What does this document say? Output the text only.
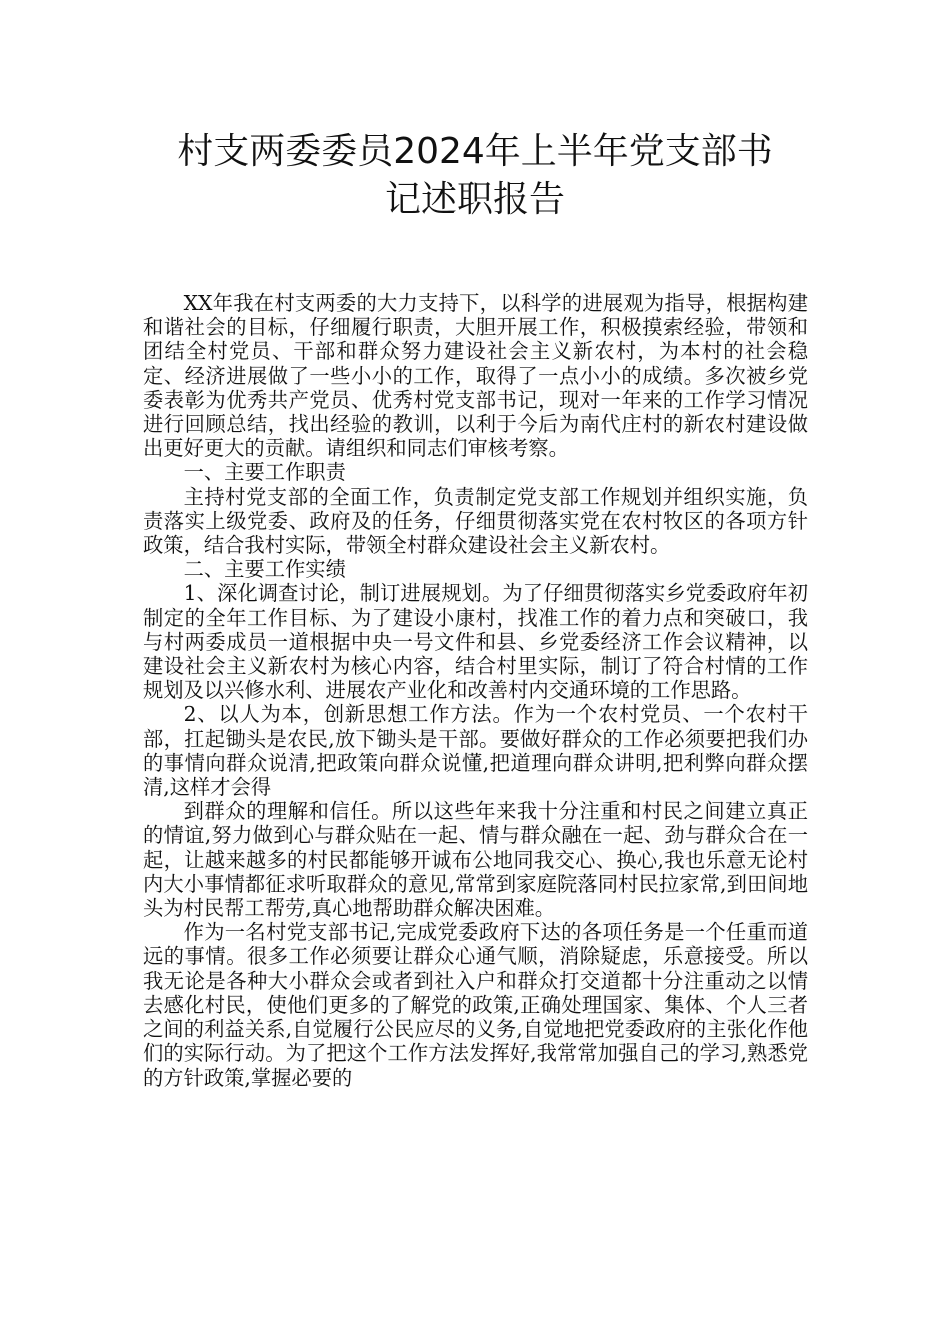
村支两委委员2024年上半年党支部书
记述职报告

XX年我在村支两委的大力支持下，以科学的进展观为指导，根据构建和谐社会的目标，仔细履行职责，大胆开展工作，积极摸索经验，带领和团结全村党员、干部和群众努力建设社会主义新农村，为本村的社会稳定、经济进展做了一些小小的工作，取得了一点小小的成绩。多次被乡党委表彰为优秀共产党员、优秀村党支部书记，现对一年来的工作学习情况进行回顾总结，找出经验的教训，以利于今后为南代庄村的新农村建设做出更好更大的贡献。请组织和同志们审核考察。

一、主要工作职责

主持村党支部的全面工作，负责制定党支部工作规划并组织实施，负责落实上级党委、政府及的任务，仔细贯彻落实党在农村牧区的各项方针政策，结合我村实际，带领全村群众建设社会主义新农村。

二、主要工作实绩

1、深化调查讨论，制订进展规划。为了仔细贯彻落实乡党委政府年初制定的全年工作目标、为了建设小康村，找准工作的着力点和突破口，我与村两委成员一道根据中央一号文件和县、乡党委经济工作会议精神，以建设社会主义新农村为核心内容，结合村里实际，制订了符合村情的工作规划及以兴修水利、进展农产业化和改善村内交通环境的工作思路。

2、以人为本，创新思想工作方法。作为一个农村党员、一个农村干部，扛起锄头是农民,放下锄头是干部。要做好群众的工作必须要把我们办的事情向群众说清,把政策向群众说懂,把道理向群众讲明,把利弊向群众摆清,这样才会得

到群众的理解和信任。所以这些年来我十分注重和村民之间建立真正的情谊,努力做到心与群众贴在一起、情与群众融在一起、劲与群众合在一起，让越来越多的村民都能够开诚布公地同我交心、换心,我也乐意无论村内大小事情都征求听取群众的意见,常常到家庭院落同村民拉家常,到田间地头为村民帮工帮劳,真心地帮助群众解决困难。

作为一名村党支部书记,完成党委政府下达的各项任务是一个任重而道远的事情。很多工作必须要让群众心通气顺，消除疑虑，乐意接受。所以我无论是各种大小群众会或者到社入户和群众打交道都十分注重动之以情去感化村民，使他们更多的了解党的政策,正确处理国家、集体、个人三者之间的利益关系,自觉履行公民应尽的义务,自觉地把党委政府的主张化作他们的实际行动。为了把这个工作方法发挥好,我常常加强自己的学习,熟悉党的方针政策,掌握必要的
